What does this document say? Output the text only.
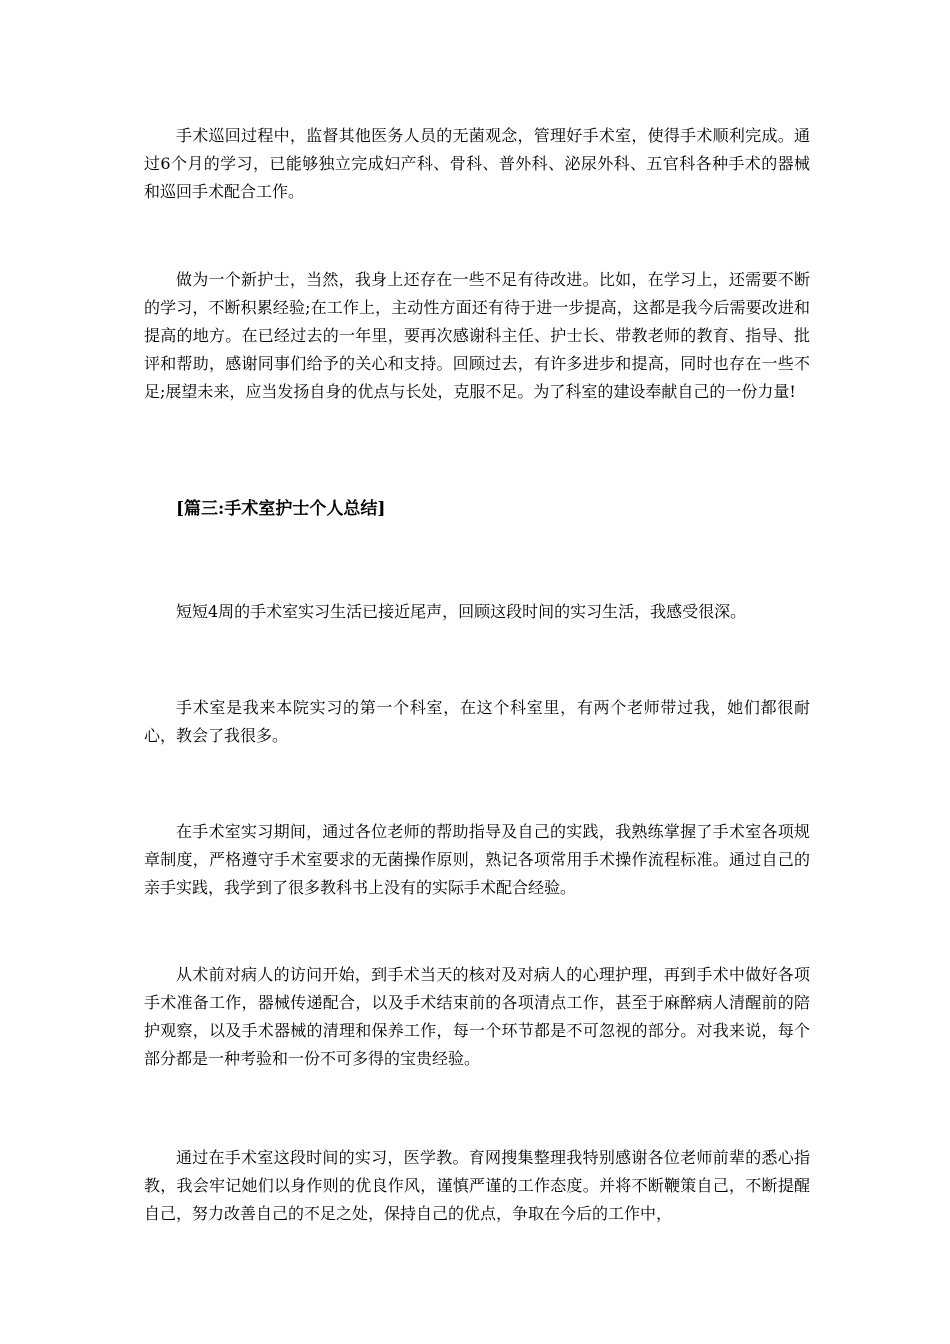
手术巡回过程中，监督其他医务人员的无菌观念，管理好手术室，使得手术顺利完成。通过6个月的学习，已能够独立完成妇产科、骨科、普外科、泌尿外科、五官科各种手术的器械和巡回手术配合工作。

做为一个新护士，当然，我身上还存在一些不足有待改进。比如，在学习上，还需要不断的学习，不断积累经验;在工作上，主动性方面还有待于进一步提高，这都是我今后需要改进和提高的地方。在已经过去的一年里，要再次感谢科主任、护士长、带教老师的教育、指导、批评和帮助，感谢同事们给予的关心和支持。回顾过去，有许多进步和提高，同时也存在一些不足;展望未来，应当发扬自身的优点与长处，克服不足。为了科室的建设奉献自己的一份力量!

[篇三:手术室护士个人总结]

短短4周的手术室实习生活已接近尾声，回顾这段时间的实习生活，我感受很深。

手术室是我来本院实习的第一个科室，在这个科室里，有两个老师带过我，她们都很耐心，教会了我很多。

在手术室实习期间，通过各位老师的帮助指导及自己的实践，我熟练掌握了手术室各项规章制度，严格遵守手术室要求的无菌操作原则，熟记各项常用手术操作流程标准。通过自己的亲手实践，我学到了很多教科书上没有的实际手术配合经验。

从术前对病人的访问开始，到手术当天的核对及对病人的心理护理，再到手术中做好各项手术准备工作，器械传递配合，以及手术结束前的各项清点工作，甚至于麻醉病人清醒前的陪护观察，以及手术器械的清理和保养工作，每一个环节都是不可忽视的部分。对我来说，每个部分都是一种考验和一份不可多得的宝贵经验。

通过在手术室这段时间的实习，医学教。育网搜集整理我特别感谢各位老师前辈的悉心指教，我会牢记她们以身作则的优良作风，谨慎严谨的工作态度。并将不断鞭策自己，不断提醒自己，努力改善自己的不足之处，保持自己的优点，争取在今后的工作中，
